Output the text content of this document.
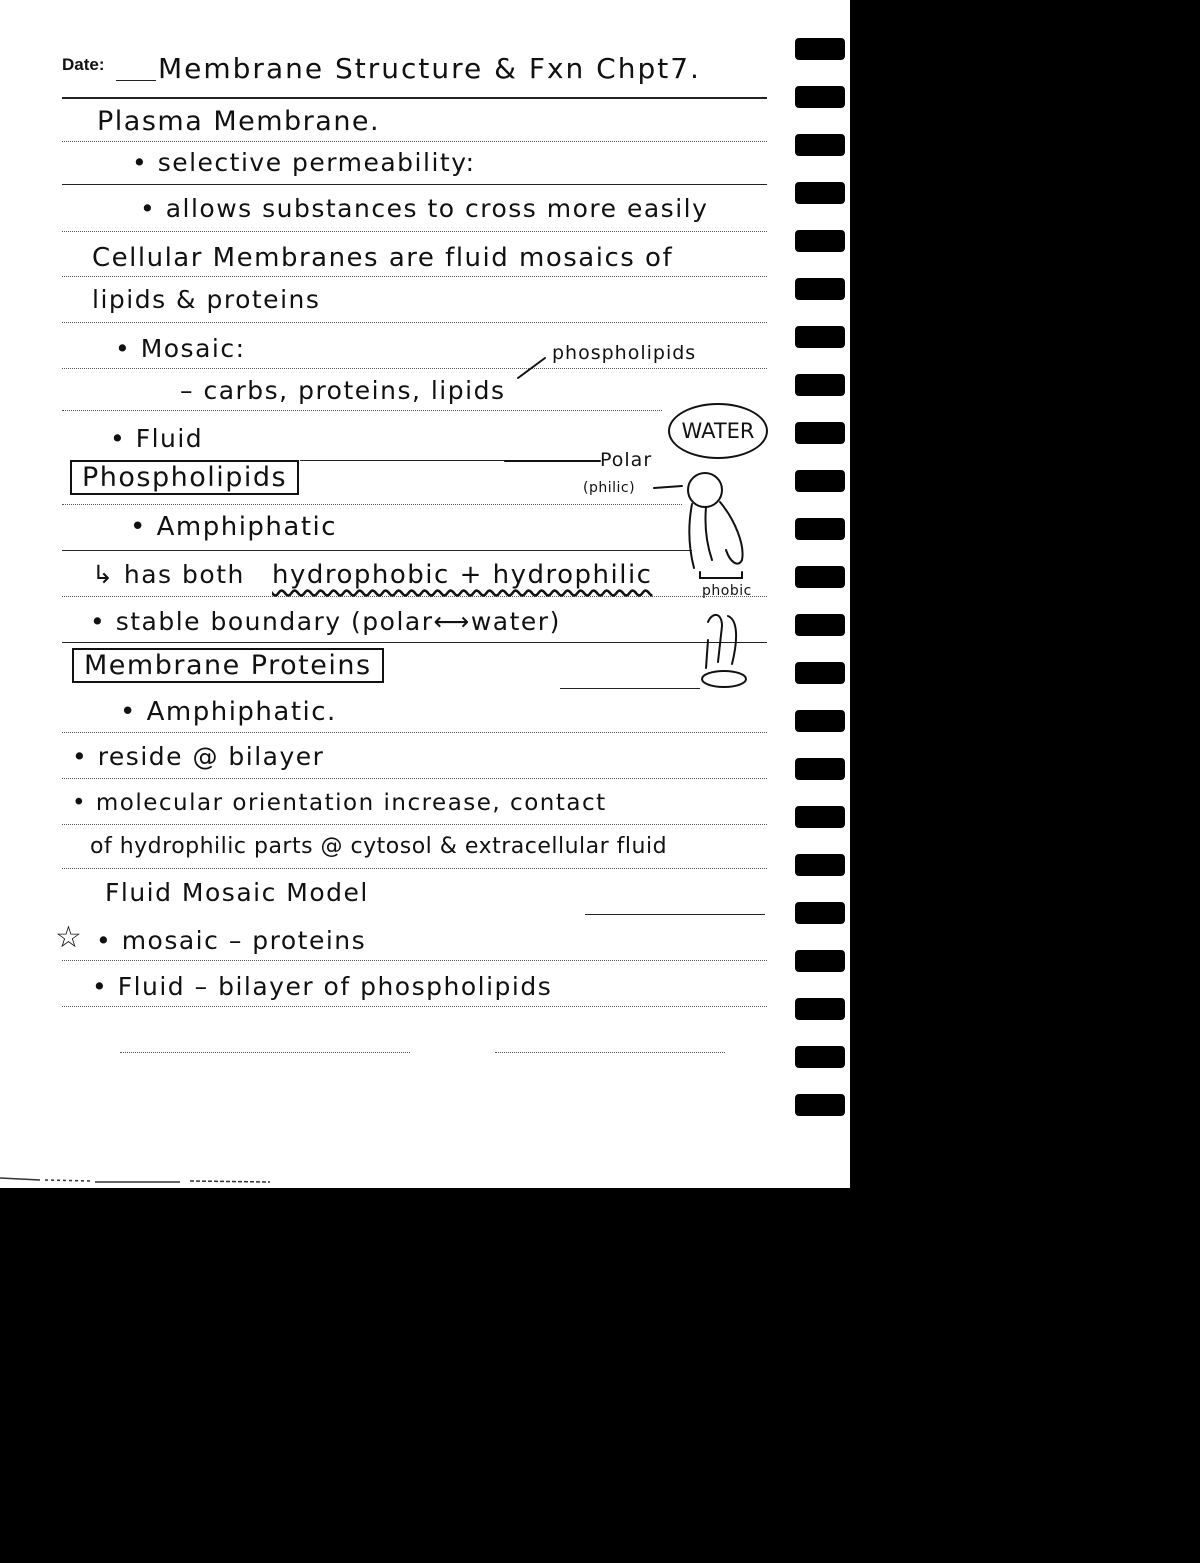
Date: Membrane Structure & Fxn Chpt7.
Plasma Membrane.
• selective permeability:
• allows substances to cross more easily
Cellular Membranes are fluid mosaics of
lipids & proteins
• Mosaic:
– carbs, proteins, lipids
• Fluid
Phospholipids
• Amphiphatic
↳ has both hydrophobic + hydrophilic
• stable boundary (polar⟷water)
Membrane Proteins
• Amphiphatic.
• reside @ bilayer
• molecular orientation increase, contact
of hydrophilic parts @ cytosol & extracellular fluid
Fluid Mosaic Model
☆ • mosaic – proteins
• Fluid – bilayer of phospholipids
phospholipids
WATER
Polar
(philic)
phobic
